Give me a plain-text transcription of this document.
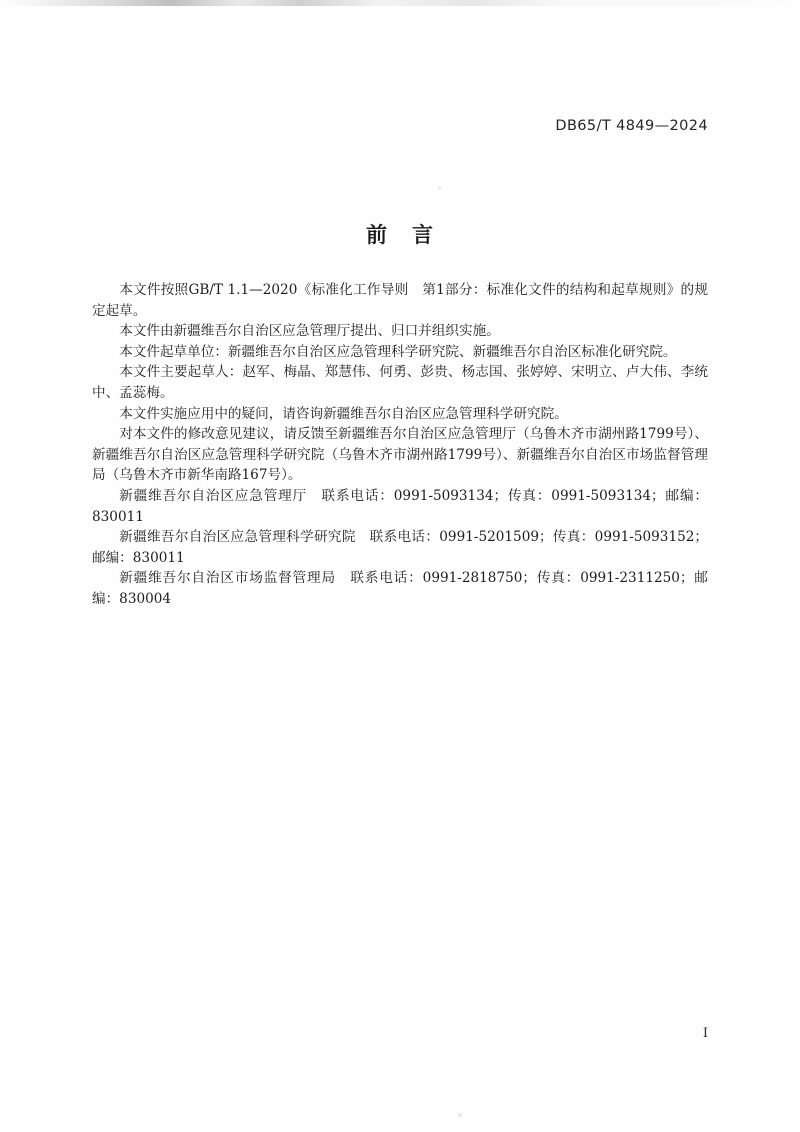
DB65/T 4849—2024
前 言

本文件按照GB/T 1.1—2020《标准化工作导则　第1部分：标准化文件的结构和起草规则》的规定起草。

本文件由新疆维吾尔自治区应急管理厅提出、归口并组织实施。

本文件起草单位：新疆维吾尔自治区应急管理科学研究院、新疆维吾尔自治区标准化研究院。

本文件主要起草人：赵军、梅晶、郑慧伟、何勇、彭贵、杨志国、张婷婷、宋明立、卢大伟、李统中、孟蕊梅。

本文件实施应用中的疑问，请咨询新疆维吾尔自治区应急管理科学研究院。

对本文件的修改意见建议，请反馈至新疆维吾尔自治区应急管理厅（乌鲁木齐市湖州路1799号）、新疆维吾尔自治区应急管理科学研究院（乌鲁木齐市湖州路1799号）、新疆维吾尔自治区市场监督管理局（乌鲁木齐市新华南路167号）。

新疆维吾尔自治区应急管理厅　联系电话：0991-5093134；传真：0991-5093134；邮编：830011

新疆维吾尔自治区应急管理科学研究院　联系电话：0991-5201509；传真：0991-5093152；邮编：830011

新疆维吾尔自治区市场监督管理局　联系电话：0991-2818750；传真：0991-2311250；邮编：830004

I
